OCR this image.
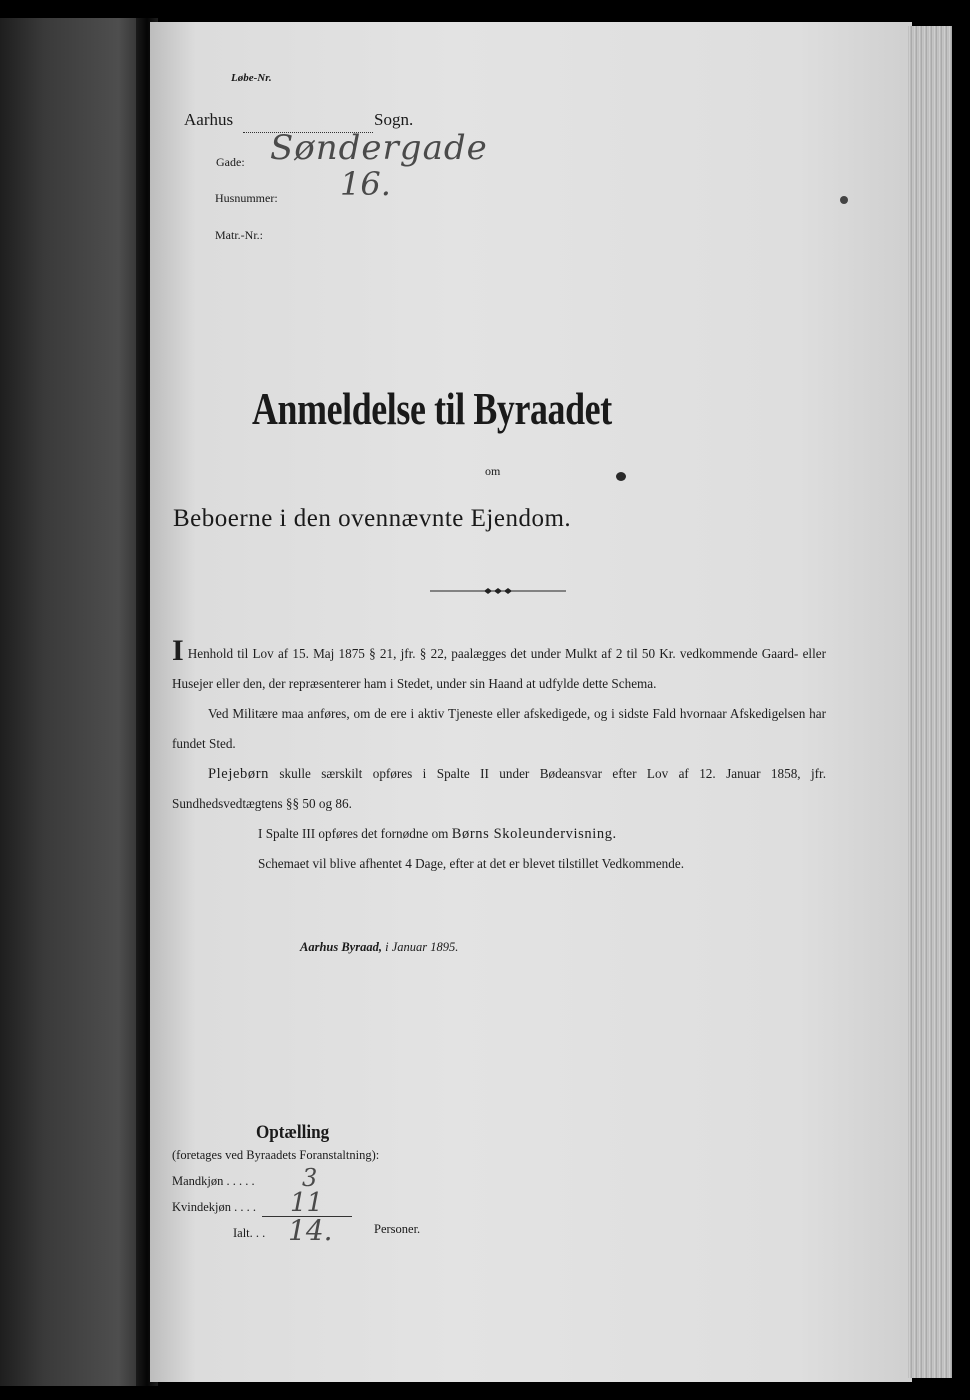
Løbe-Nr.
Aarhus	Sogn.
Gade: Søndergade
Husnummer: 16.
Matr.-Nr.:
Anmeldelse til Byraadet
om
Beboerne i den ovennævnte Ejendom.

I Henhold til Lov af 15. Maj 1875 § 21, jfr. § 22, paalægges det under Mulkt af 2 til 50 Kr. vedkommende Gaard- eller Husejer eller den, der repræsenterer ham i Stedet, under sin Haand at udfylde dette Schema.

Ved Militære maa anføres, om de ere i aktiv Tjeneste eller afskedigede, og i sidste Fald hvornaar Afskedigelsen har fundet Sted.

Plejebørn skulle særskilt opføres i Spalte II under Bødeansvar efter Lov af 12. Januar 1858, jfr. Sundhedsvedtægtens §§ 50 og 86.

I Spalte III opføres det fornødne om Børns Skoleundervisning.

Schemaet vil blive afhentet 4 Dage, efter at det er blevet tilstillet Vedkommende.

Aarhus Byraad, i Januar 1895.
Optælling
(foretages ved Byraadets Foranstaltning):
Mandkjøn . . . . . 3
Kvindekjøn . . . . 11
Ialt. . . 14.	Personer.
